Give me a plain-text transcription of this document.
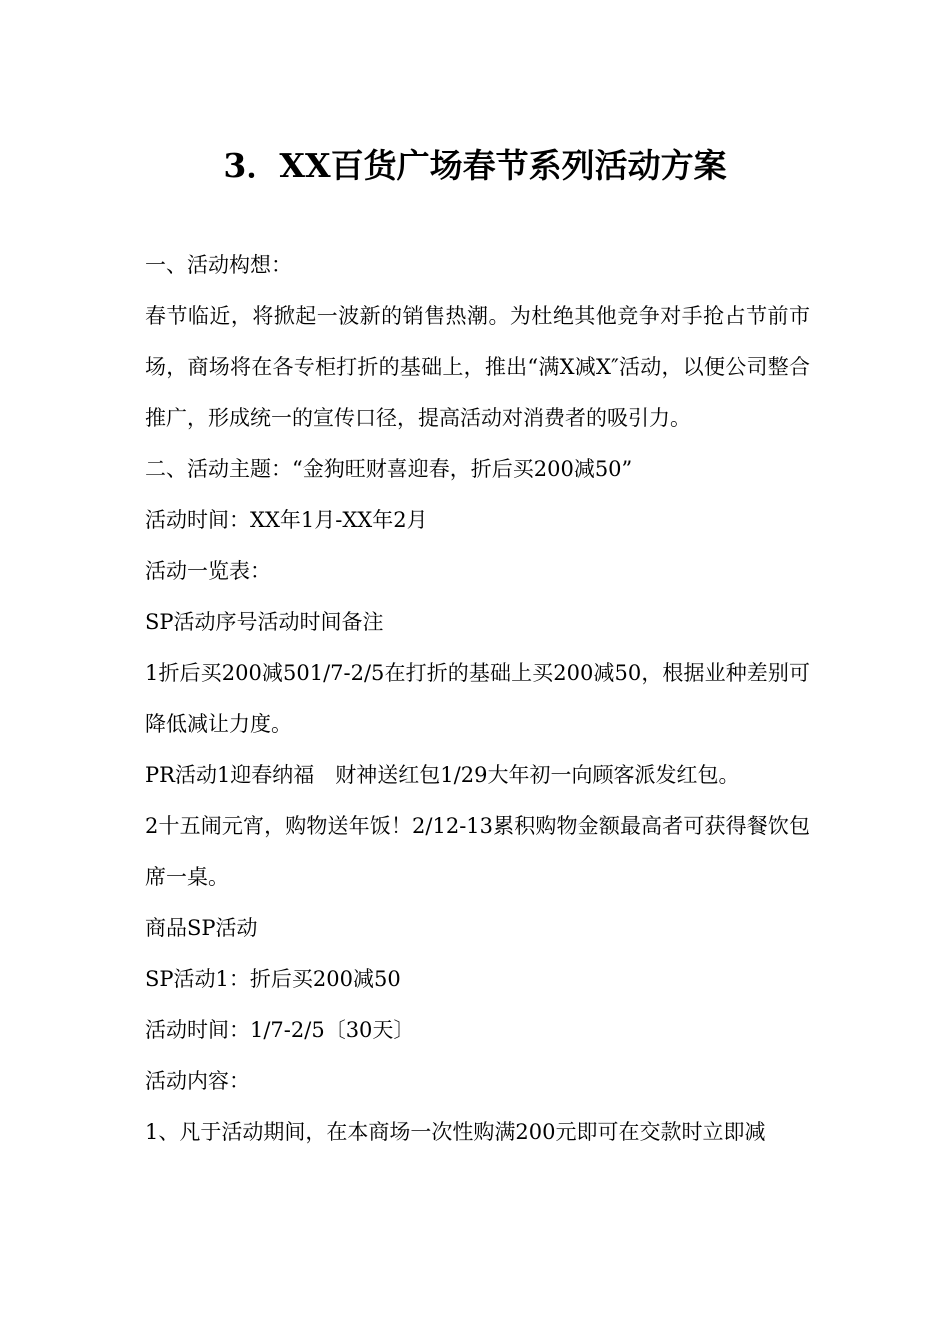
3．XX百货广场春节系列活动方案

一、活动构想：

春节临近，将掀起一波新的销售热潮。为杜绝其他竞争对手抢占节前市场，商场将在各专柜打折的基础上，推出“满X减X″活动，以便公司整合推广，形成统一的宣传口径，提高活动对消费者的吸引力。

二、活动主题：“金狗旺财喜迎春，折后买200减50”

活动时间：XX年1月-XX年2月

活动一览表：

SP活动序号活动时间备注

1折后买200减501/7-2/5在打折的基础上买200减50，根据业种差别可降低减让力度。

PR活动1迎春纳福　财神送红包1/29大年初一向顾客派发红包。

2十五闹元宵，购物送年饭！2/12-13累积购物金额最高者可获得餐饮包席一桌。

商品SP活动

SP活动1：折后买200减50

活动时间：1/7-2/5〔30天〕

活动内容：

1、凡于活动期间，在本商场一次性购满200元即可在交款时立即减
